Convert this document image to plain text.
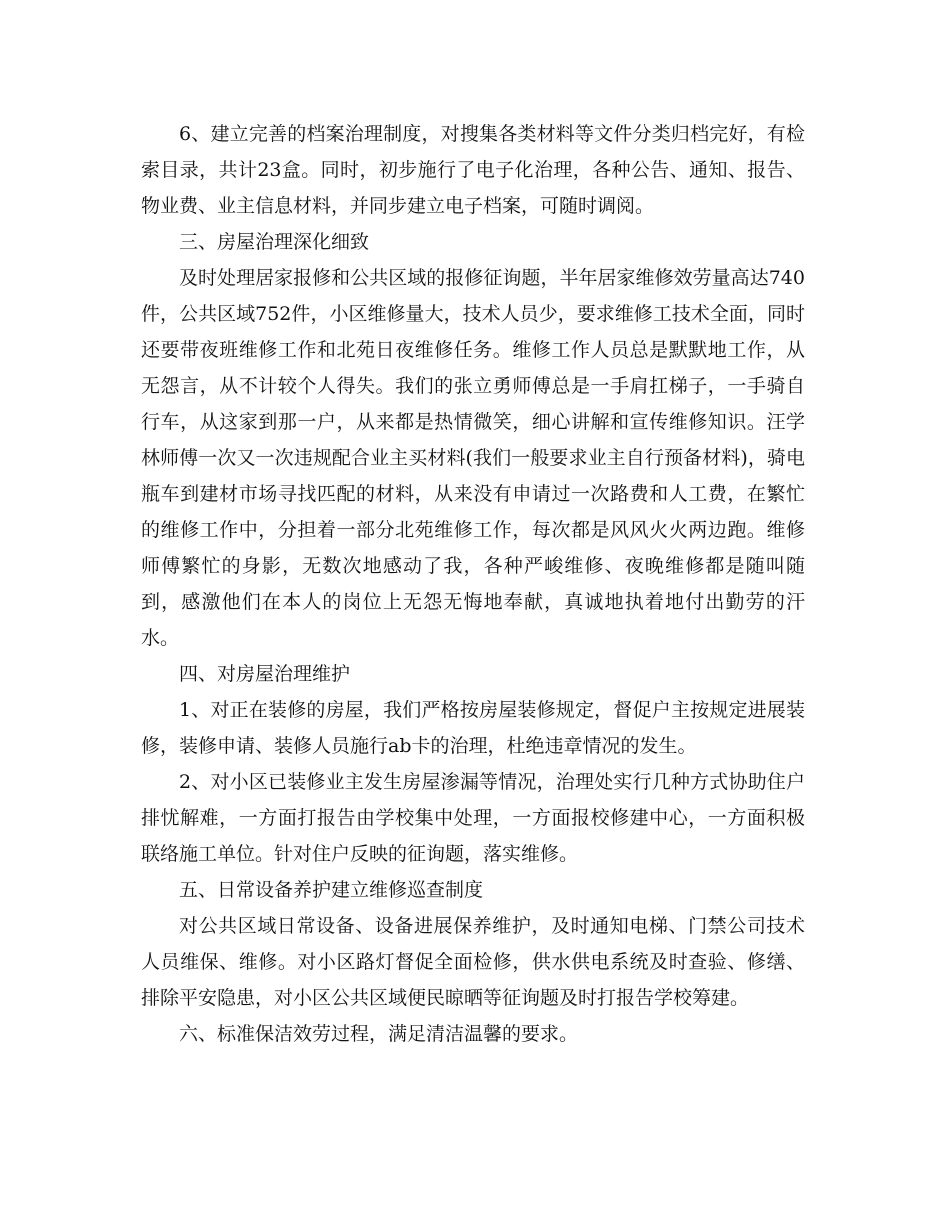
6、建立完善的档案治理制度，对搜集各类材料等文件分类归档完好，有检索目录，共计23盒。同时，初步施行了电子化治理，各种公告、通知、报告、物业费、业主信息材料，并同步建立电子档案，可随时调阅。

三、房屋治理深化细致

及时处理居家报修和公共区域的报修征询题，半年居家维修效劳量高达740件，公共区域752件，小区维修量大，技术人员少，要求维修工技术全面，同时还要带夜班维修工作和北苑日夜维修任务。维修工作人员总是默默地工作，从无怨言，从不计较个人得失。我们的张立勇师傅总是一手肩扛梯子，一手骑自行车，从这家到那一户，从来都是热情微笑，细心讲解和宣传维修知识。汪学林师傅一次又一次违规配合业主买材料(我们一般要求业主自行预备材料)，骑电瓶车到建材市场寻找匹配的材料，从来没有申请过一次路费和人工费，在繁忙的维修工作中，分担着一部分北苑维修工作，每次都是风风火火两边跑。维修师傅繁忙的身影，无数次地感动了我，各种严峻维修、夜晚维修都是随叫随到，感激他们在本人的岗位上无怨无悔地奉献，真诚地执着地付出勤劳的汗水。

四、对房屋治理维护

1、对正在装修的房屋，我们严格按房屋装修规定，督促户主按规定进展装修，装修申请、装修人员施行ab卡的治理，杜绝违章情况的发生。

2、对小区已装修业主发生房屋渗漏等情况，治理处实行几种方式协助住户排忧解难，一方面打报告由学校集中处理，一方面报校修建中心，一方面积极联络施工单位。针对住户反映的征询题，落实维修。

五、日常设备养护建立维修巡查制度

对公共区域日常设备、设备进展保养维护，及时通知电梯、门禁公司技术人员维保、维修。对小区路灯督促全面检修，供水供电系统及时查验、修缮、排除平安隐患，对小区公共区域便民晾晒等征询题及时打报告学校筹建。

六、标准保洁效劳过程，满足清洁温馨的要求。
